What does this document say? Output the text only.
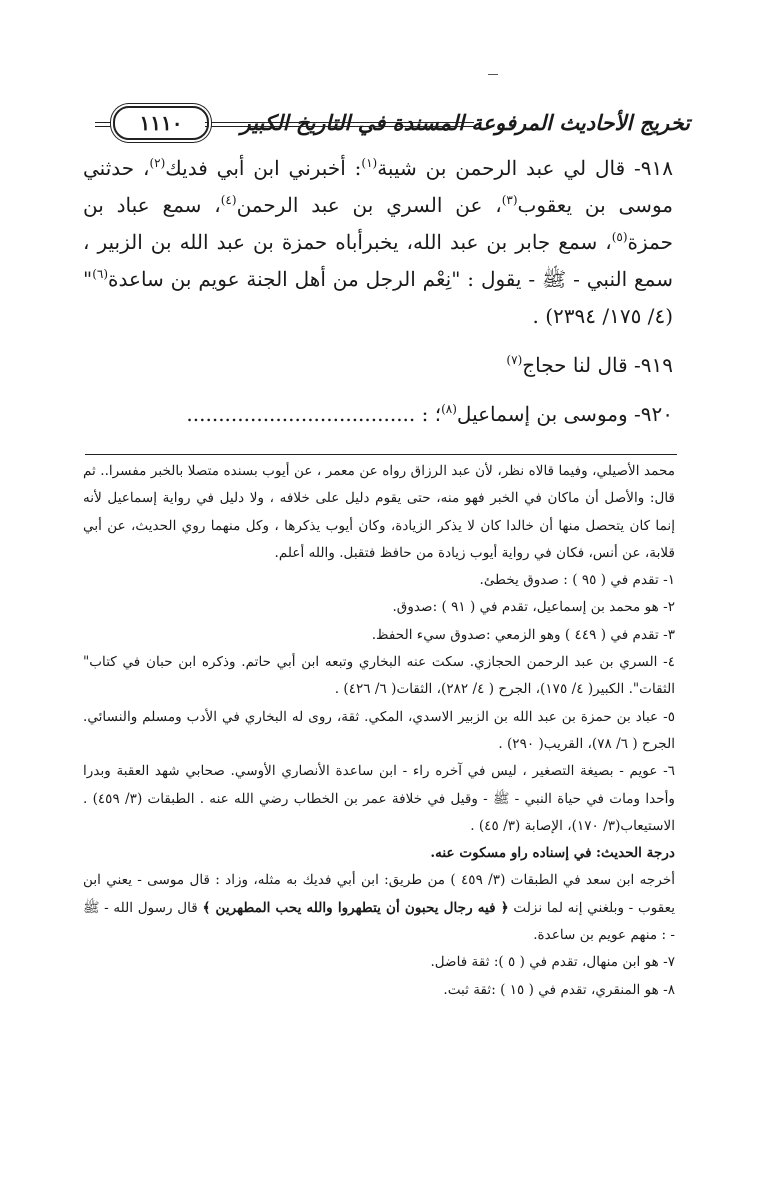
تخريج الأحاديث المرفوعة المسندة في التاريخ الكبير
١١١٠

٩١٨- قال لي عبد الرحمن بن شيبة$^{(١)}$: أخبرني ابن أبي فديك$^{(٢)}$، حدثني موسى بن يعقوب$^{(٣)}$، عن السري بن عبد الرحمن$^{(٤)}$، سمع عباد بن حمزة$^{(٥)}$، سمع جابر بن عبد الله، يخبرأباه حمزة بن عبد الله بن الزبير ، سمع النبي - ﷺ - يقول : "نِعْم الرجل من أهل الجنة عويم بن ساعدة$^{(٦)}$" (٤/ ١٧٥/ ٢٣٩٤) .

٩١٩- قال لنا حجاج$^{(٧)}$

٩٢٠- وموسى بن إسماعيل$^{(٨)}$؛ : ....................................

محمد الأصيلي، وفيما قالاه نظر، لأن عبد الرزاق رواه عن معمر ، عن أيوب بسنده متصلا بالخبر مفسرا.. ثم قال: والأصل أن ماكان في الخبر فهو منه، حتى يقوم دليل على خلافه ، ولا دليل في رواية إسماعيل لأنه إنما كان يتحصل منها أن خالدا كان لا يذكر الزيادة، وكان أيوب يذكرها ، وكل منهما روي الحديث، عن أبي قلابة، عن أنس، فكان في رواية أيوب زيادة من حافظ فتقبل. والله أعلم.

١- تقدم في ( ٩٥ ) : صدوق يخطئ.

٢- هو محمد بن إسماعيل، تقدم في ( ٩١ ) :صدوق.

٣- تقدم في ( ٤٤٩ ) وهو الزمعي :صدوق سيء الحفظ.

٤- السري بن عبد الرحمن الحجازي. سكت عنه البخاري وتبعه ابن أبي حاتم. وذكره ابن حبان في كتاب" الثقات". الكبير( ٤/ ١٧٥)، الجرح ( ٤/ ٢٨٢)، الثقات( ٦/ ٤٢٦) .

٥- عباد بن حمزة بن عبد الله بن الزبير الاسدي، المكي. ثقة، روى له البخاري في الأدب ومسلم والنسائي. الجرح ( ٦/ ٧٨)، القريب( ٢٩٠) .

٦- عويم - بصيغة التصغير ، ليس في آخره راء - ابن ساعدة الأنصاري الأوسي. صحابي شهد العقبة وبدرا وأحدا ومات في حياة النبي - ﷺ - وقيل في خلافة عمر بن الخطاب رضي الله عنه . الطبقات (٣/ ٤٥٩) . الاستيعاب(٣/ ١٧٠)، الإصابة (٣/ ٤٥) .

درجة الحديث: في إسناده راو مسكوت عنه.

أخرجه ابن سعد في الطبقات (٣/ ٤٥٩ ) من طريق: ابن أبي فديك به مثله، وزاد : قال موسى - يعني ابن يعقوب - وبلغني إنه لما نزلت ﴿ فيه رجال يحبون أن يتطهروا والله يحب المطهرين ﴾ قال رسول الله - ﷺ - : منهم عويم بن ساعدة.

٧- هو ابن منهال، تقدم في ( ٥ ): ثقة فاضل.

٨- هو المنقري، تقدم في ( ١٥ ) :ثقة ثبت.
